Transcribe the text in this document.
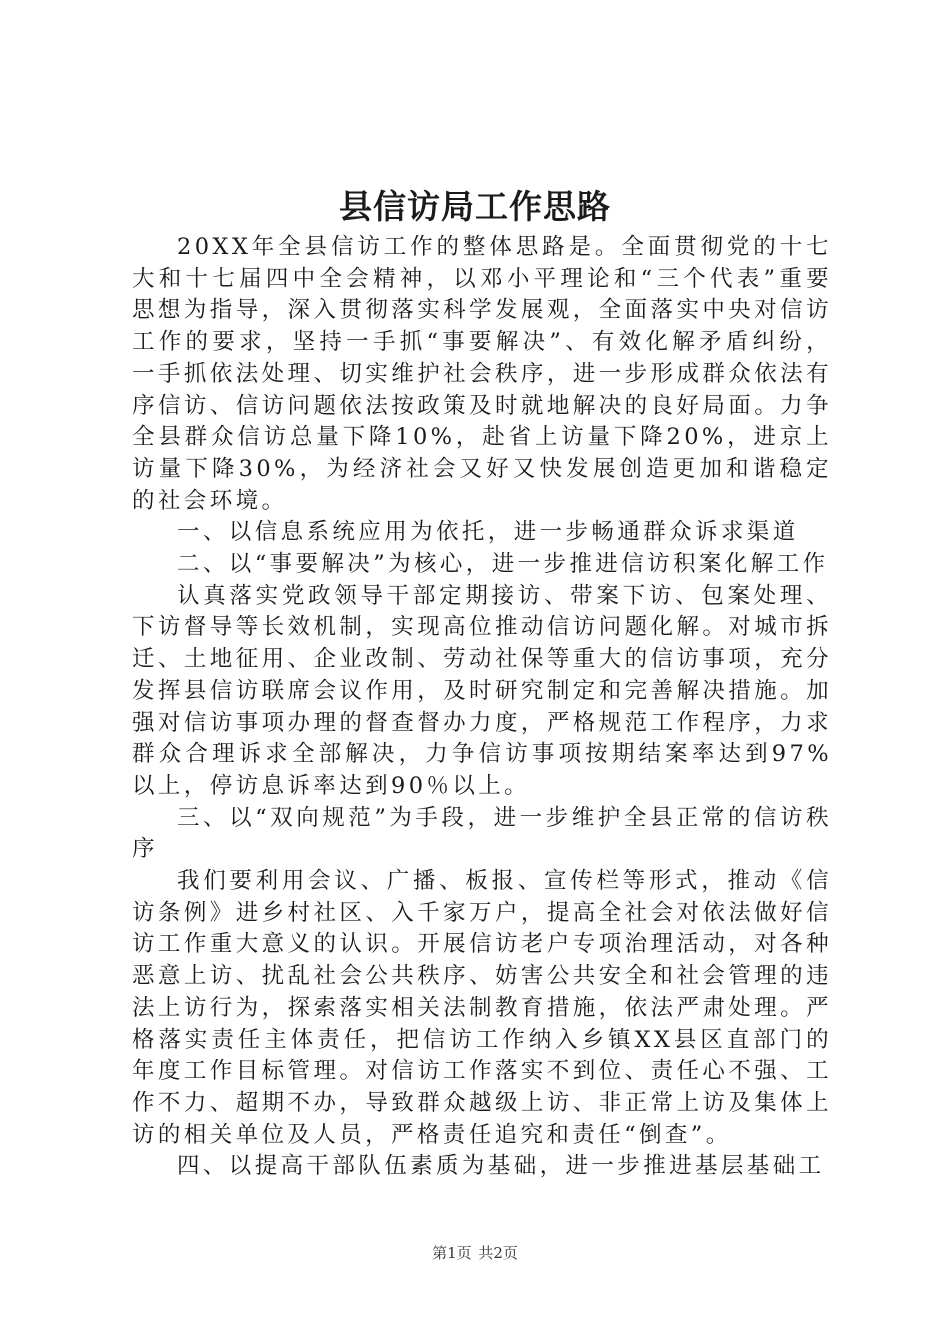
县信访局工作思路

20XX年全县信访工作的整体思路是。全面贯彻党的十七大和十七届四中全会精神，以邓小平理论和“三个代表”重要思想为指导，深入贯彻落实科学发展观，全面落实中央对信访工作的要求，坚持一手抓“事要解决”、有效化解矛盾纠纷，一手抓依法处理、切实维护社会秩序，进一步形成群众依法有序信访、信访问题依法按政策及时就地解决的良好局面。力争全县群众信访总量下降10%，赴省上访量下降20%，进京上访量下降30%，为经济社会又好又快发展创造更加和谐稳定的社会环境。

一、以信息系统应用为依托，进一步畅通群众诉求渠道

二、以“事要解决”为核心，进一步推进信访积案化解工作

认真落实党政领导干部定期接访、带案下访、包案处理、下访督导等长效机制，实现高位推动信访问题化解。对城市拆迁、土地征用、企业改制、劳动社保等重大的信访事项，充分发挥县信访联席会议作用，及时研究制定和完善解决措施。加强对信访事项办理的督查督办力度，严格规范工作程序，力求群众合理诉求全部解决，力争信访事项按期结案率达到97%以上，停访息诉率达到90％以上。

三、以“双向规范”为手段，进一步维护全县正常的信访秩序

我们要利用会议、广播、板报、宣传栏等形式，推动《信访条例》进乡村社区、入千家万户，提高全社会对依法做好信访工作重大意义的认识。开展信访老户专项治理活动，对各种恶意上访、扰乱社会公共秩序、妨害公共安全和社会管理的违法上访行为，探索落实相关法制教育措施，依法严肃处理。严格落实责任主体责任，把信访工作纳入乡镇XX县区直部门的年度工作目标管理。对信访工作落实不到位、责任心不强、工作不力、超期不办，导致群众越级上访、非正常上访及集体上访的相关单位及人员，严格责任追究和责任“倒查”。

四、以提高干部队伍素质为基础，进一步推进基层基础工

第1页 共2页
